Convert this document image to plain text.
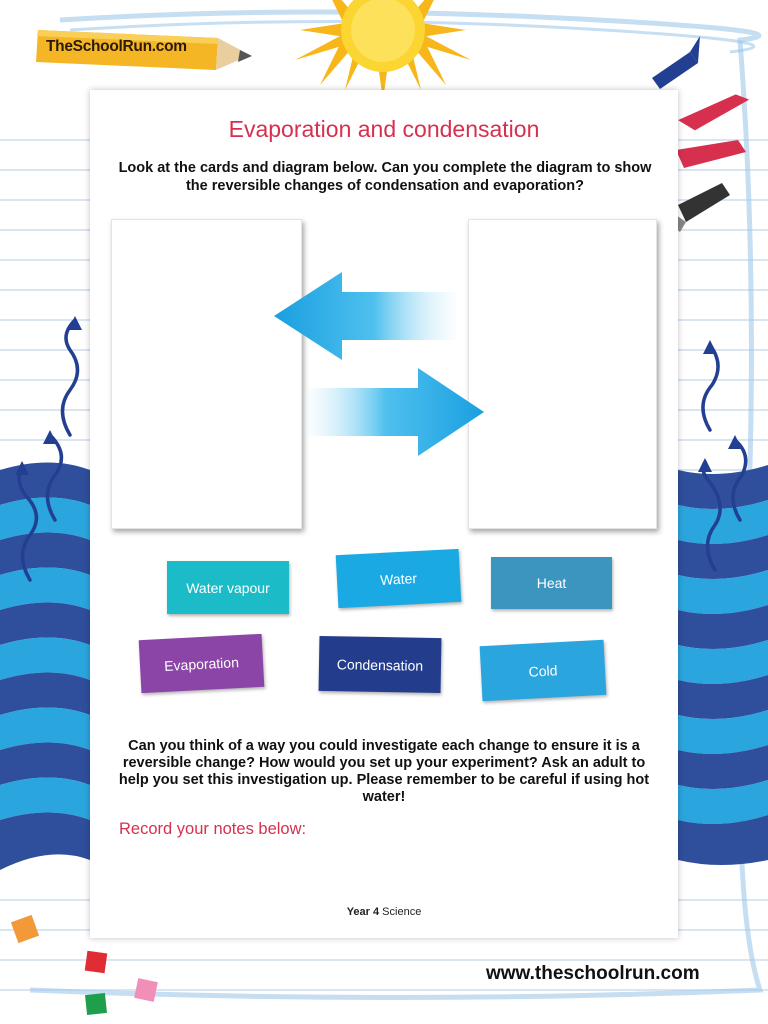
TheSchoolRun.com
Evaporation and condensation
Look at the cards and diagram below. Can you complete the diagram to show the reversible changes of condensation and evaporation?
Water vapour
Water	Heat
Evaporation	Condensation	Cold
Can you think of a way you could investigate each change to ensure it is a reversible change? How would you set up your experiment? Ask an adult to help you set this investigation up. Please remember to be careful if using hot water!
Record your notes below:
Year 4 Science
www.theschoolrun.com
